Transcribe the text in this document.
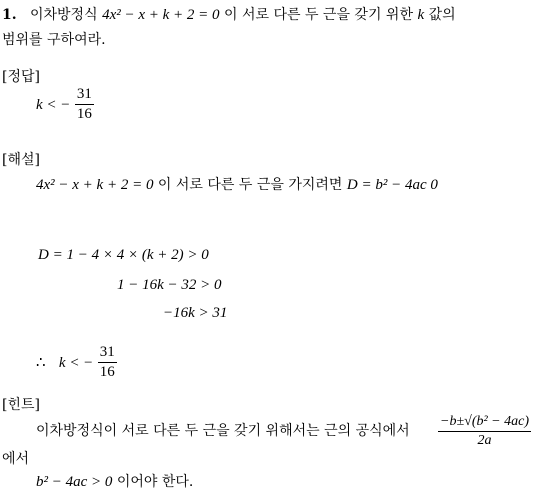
1. 이차방정식 4x² − x + k + 2 = 0 이 서로 다른 두 근을 갖기 위한 k 값의
범위를 구하여라.
[정답]
k < − $\frac{31}{16}$
[해설]
4x² − x + k + 2 = 0 이 서로 다른 두 근을 가지려면 D = b² − 4ac 0
D = 1 − 4 × 4 × (k + 2) > 0
1 − 16k − 32 > 0
−16k > 31
∴ k < − $\frac{31}{16}$
[힌트]
이차방정식이 서로 다른 두 근을 갖기 위해서는 근의 공식에서 $\frac{\text{−b±√(b² − 4ac)}}{2a}$
에서
b² − 4ac > 0 이어야 한다.
